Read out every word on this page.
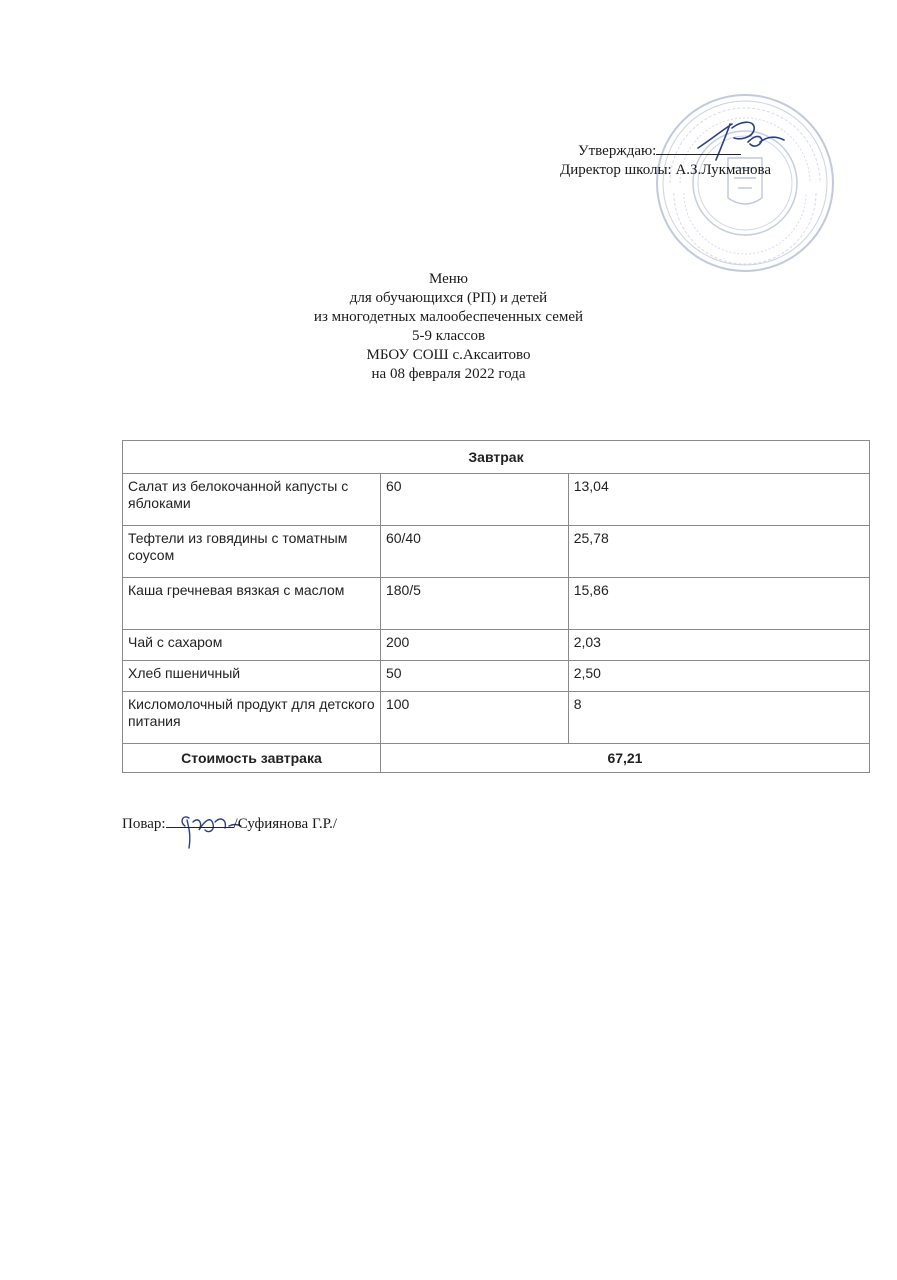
Утверждаю:
Директор школы: А.З.Лукманова
Меню
для обучающихся (РП) и детей
из многодетных малообеспеченных семей
5-9 классов
МБОУ СОШ с.Аксаитово
на 08 февраля 2022 года
Завтрак		
Салат из белокочанной капусты с яблоками	60	13,04
Тефтели из говядины с томатным соусом	60/40	25,78
Каша гречневая вязкая с маслом	180/5	15,86
Чай с сахаром	200	2,03
Хлеб пшеничный	50	2,50
Кисломолочный продукт для детского питания	100	8
Стоимость завтрака	67,21	
Повар:	/Суфиянова Г.Р./
